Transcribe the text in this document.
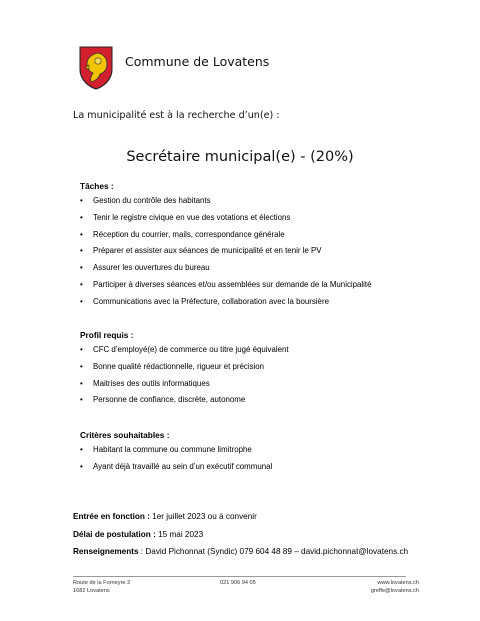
Commune de Lovatens
La municipalité est à la recherche d’un(e) :
Secrétaire municipal(e) - (20%)

Tâches :

• Gestion du contrôle des habitants
• Tenir le registre civique en vue des votations et élections
• Réception du courrier, mails, correspondance générale
• Préparer et assister aux séances de municipalité et en tenir le PV
• Assurer les ouvertures du bureau
• Participer à diverses séances et/ou assemblées sur demande de la Municipalité
• Communications avec la Préfecture, collaboration avec la boursière

Profil requis :

• CFC d’employé(e) de commerce ou titre jugé équivalent
• Bonne qualité rédactionnelle, rigueur et précision
• Maitrises des outils informatiques
• Personne de confiance, discrète, autonome

Critères souhaitables :

• Habitant la commune ou commune limitrophe
• Ayant déjà travaillé au sein d’un exécutif communal
Entrée en fonction : 1er juillet 2023 ou à convenir
Délai de postulation : 15 mai 2023
Renseignements : David Pichonnat (Syndic) 079 604 48 89 – david.pichonnat@lovatens.ch
Route de la Forneyre 2
1682 Lovatens
021 906 94 05	www.lovatens.ch
greffe@lovatens.ch
